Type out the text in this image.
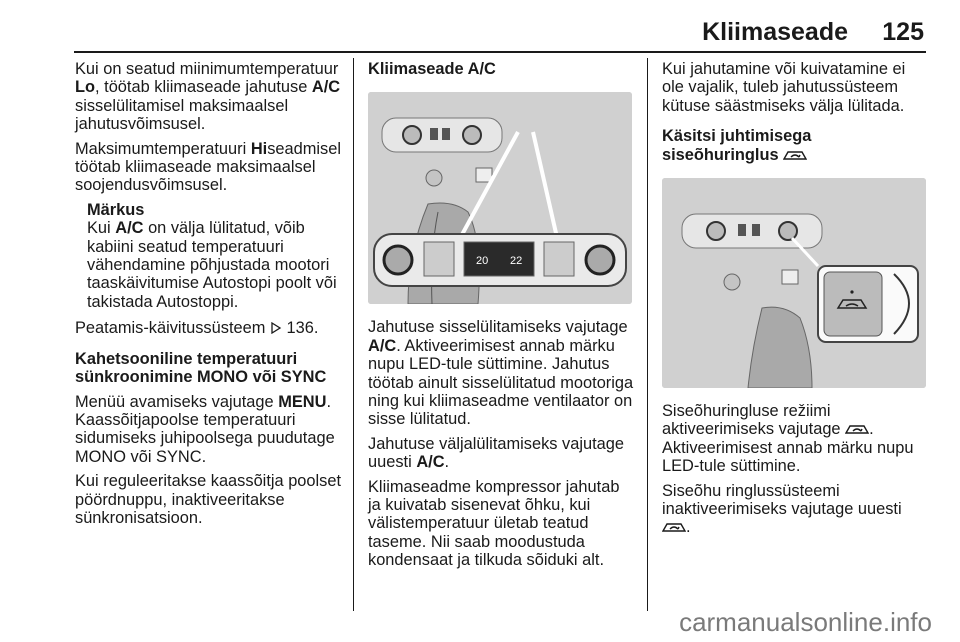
Kliimaseade 125

Kui on seatud miinimumtemperatuur
Lo, töötab kliimaseade jahutuse A/C sisselülitamisel maksimaalsel jahutusvõimsusel.

Maksimumtemperatuuri Hiseadmisel töötab kliimaseade maksimaalsel soojendusvõimsusel.

Märkus
Kui A/C on välja lülitatud, võib kabiini seatud temperatuuri vähendamine põhjustada mootori taaskäivitumise Autostopi poolt või takistada Autostoppi.

Peatamis-käivitussüsteem 136.

Kahetsooniline temperatuuri sünkroonimine MONO või SYNC

Menüü avamiseks vajutage MENU. Kaassõitjapoolse temperatuuri sidumiseks juhipoolsega puudutage MONO või SYNC.

Kui reguleeritakse kaassõitja poolset pöördnuppu, inaktiveeritakse sünkronisatsioon.

Kliimaseade A/C

20 22

Jahutuse sisselülitamiseks vajutage
A/C. Aktiveerimisest annab märku nupu LED-tule süttimine. Jahutus töötab ainult sisselülitatud mootoriga ning kui kliimaseadme ventilaator on sisse lülitatud.

Jahutuse väljalülitamiseks vajutage uuesti A/C.

Kliimaseadme kompressor jahutab ja kuivatab sisenevat õhku, kui välistemperatuur ületab teatud taseme. Nii saab moodustuda kondensaat ja tilkuda sõiduki alt.

Kui jahutamine või kuivatamine ei ole vajalik, tuleb jahutussüsteem kütuse säästmiseks välja lülitada.

Käsitsi juhtimisega siseõhuringlus

Siseõhuringluse režiimi aktiveerimiseks vajutage . Aktiveerimisest annab märku nupu LED-tule süttimine.

Siseõhu ringlussüsteemi inaktiveerimiseks vajutage uuesti
.

carmanualsonline.info
